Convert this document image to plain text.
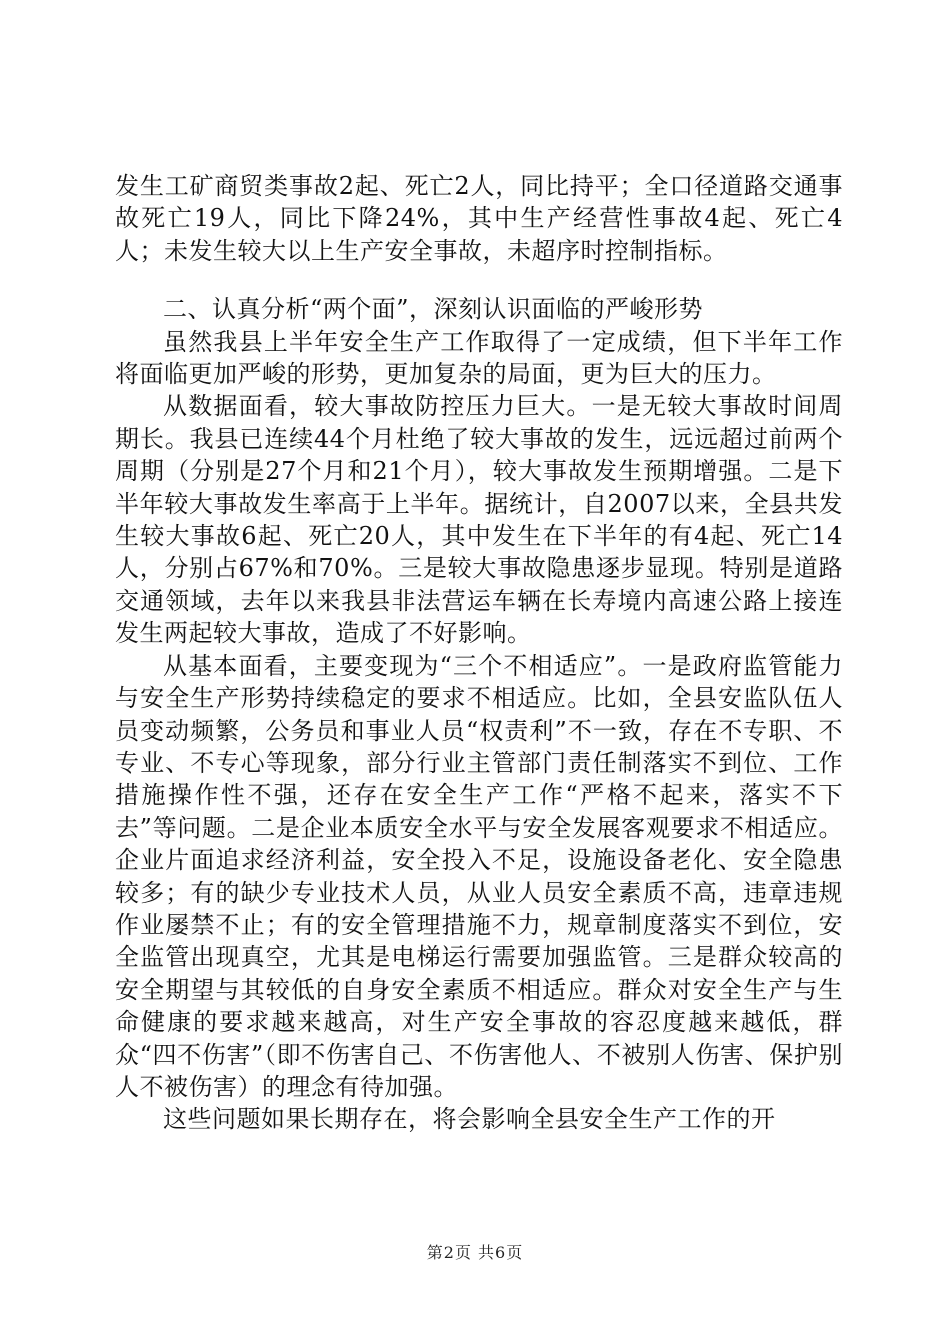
发生工矿商贸类事故2起、死亡2人，同比持平；全口径道路交通事故死亡19人，同比下降24%，其中生产经营性事故4起、死亡4人；未发生较大以上生产安全事故，未超序时控制指标。

二、认真分析“两个面”，深刻认识面临的严峻形势

虽然我县上半年安全生产工作取得了一定成绩，但下半年工作将面临更加严峻的形势，更加复杂的局面，更为巨大的压力。

从数据面看，较大事故防控压力巨大。一是无较大事故时间周期长。我县已连续44个月杜绝了较大事故的发生，远远超过前两个周期（分别是27个月和21个月），较大事故发生预期增强。二是下半年较大事故发生率高于上半年。据统计，自2007以来，全县共发生较大事故6起、死亡20人，其中发生在下半年的有4起、死亡14人，分别占67%和70%。三是较大事故隐患逐步显现。特别是道路交通领域，去年以来我县非法营运车辆在长寿境内高速公路上接连发生两起较大事故，造成了不好影响。

从基本面看，主要变现为“三个不相适应”。一是政府监管能力与安全生产形势持续稳定的要求不相适应。比如，全县安监队伍人员变动频繁，公务员和事业人员“权责利”不一致，存在不专职、不专业、不专心等现象，部分行业主管部门责任制落实不到位、工作措施操作性不强，还存在安全生产工作“严格不起来，落实不下去”等问题。二是企业本质安全水平与安全发展客观要求不相适应。企业片面追求经济利益，安全投入不足，设施设备老化、安全隐患较多；有的缺少专业技术人员，从业人员安全素质不高，违章违规作业屡禁不止；有的安全管理措施不力，规章制度落实不到位，安全监管出现真空，尤其是电梯运行需要加强监管。三是群众较高的安全期望与其较低的自身安全素质不相适应。群众对安全生产与生命健康的要求越来越高，对生产安全事故的容忍度越来越低，群众“四不伤害”（即不伤害自己、不伤害他人、不被别人伤害、保护别人不被伤害）的理念有待加强。

这些问题如果长期存在，将会影响全县安全生产工作的开

第2页 共6页
